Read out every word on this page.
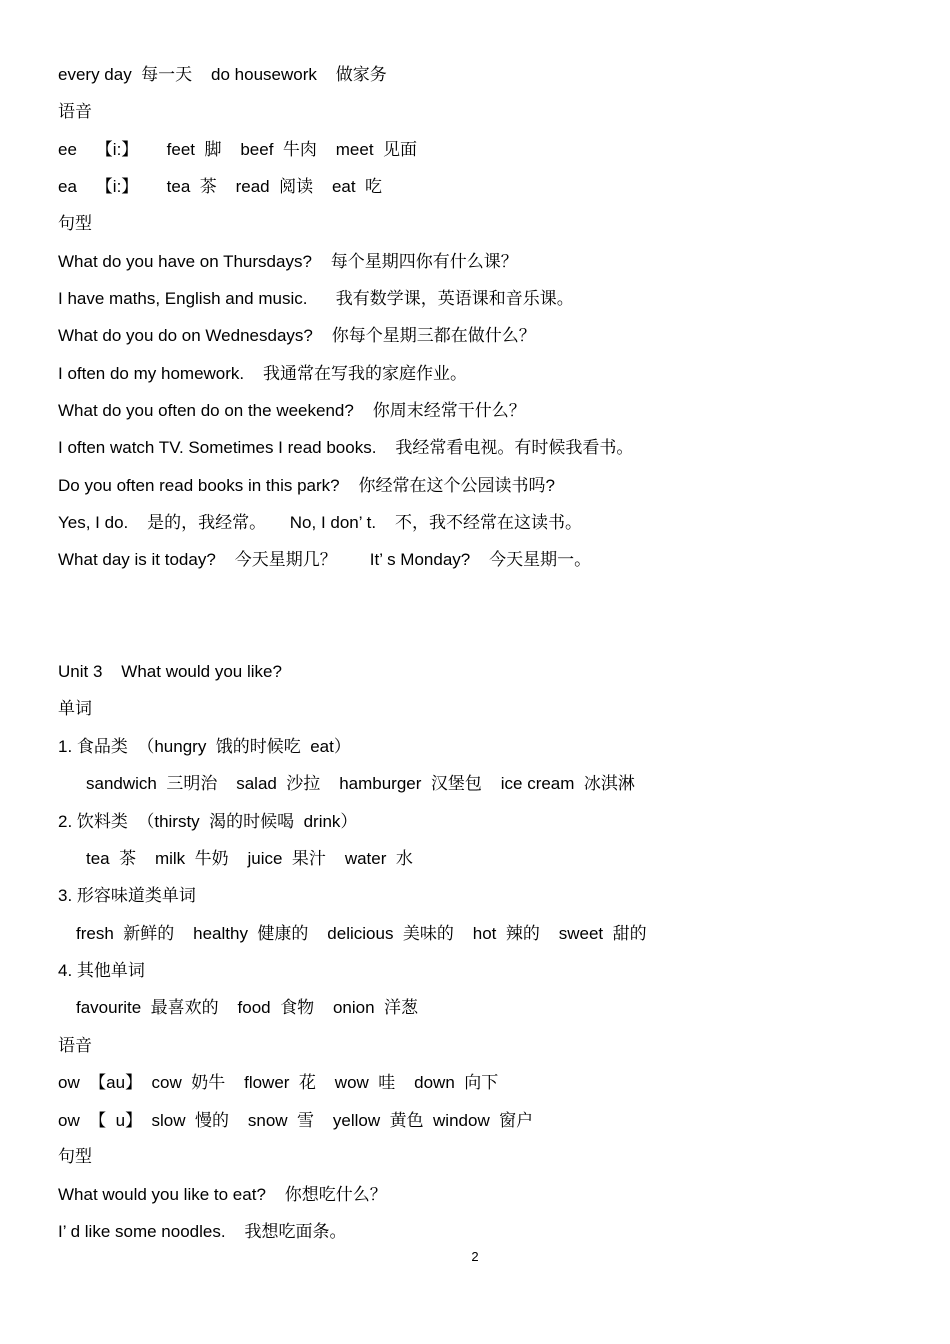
every day  每一天    do housework    做家务
语音
ee    【i:】      feet  脚    beef  牛肉    meet  见面
ea    【i:】      tea  茶    read  阅读    eat  吃
句型
What do you have on Thursdays?    每个星期四你有什么课？
I have maths, English and music.      我有数学课，英语课和音乐课。
What do you do on Wednesdays?    你每个星期三都在做什么？
I often do my homework.    我通常在写我的家庭作业。
What do you often do on the weekend?    你周末经常干什么？
I often watch TV. Sometimes I read books.    我经常看电视。有时候我看书。
Do you often read books in this park?    你经常在这个公园读书吗?
Yes, I do.    是的，我经常。     No, I don’ t.    不，我不经常在这读书。
What day is it today?    今天星期几？       It’ s Monday?    今天星期一。
Unit 3    What would you like?
单词
1. 食品类  （hungry  饿的时候吃  eat）
sandwich  三明治    salad  沙拉    hamburger  汉堡包    ice cream  冰淇淋
2. 饮料类  （thirsty  渴的时候喝  drink）
tea  茶    milk  牛奶    juice  果汁    water  水
3. 形容味道类单词
fresh  新鲜的    healthy  健康的    delicious  美味的    hot  辣的    sweet  甜的
4. 其他单词
favourite  最喜欢的    food  食物    onion  洋葱
语音
ow  【au】  cow  奶牛    flower  花    wow  哇    down  向下
ow  【  u】  slow  慢的    snow  雪    yellow  黄色  window  窗户
句型
What would you like to eat?    你想吃什么？
I’ d like some noodles.    我想吃面条。
2
